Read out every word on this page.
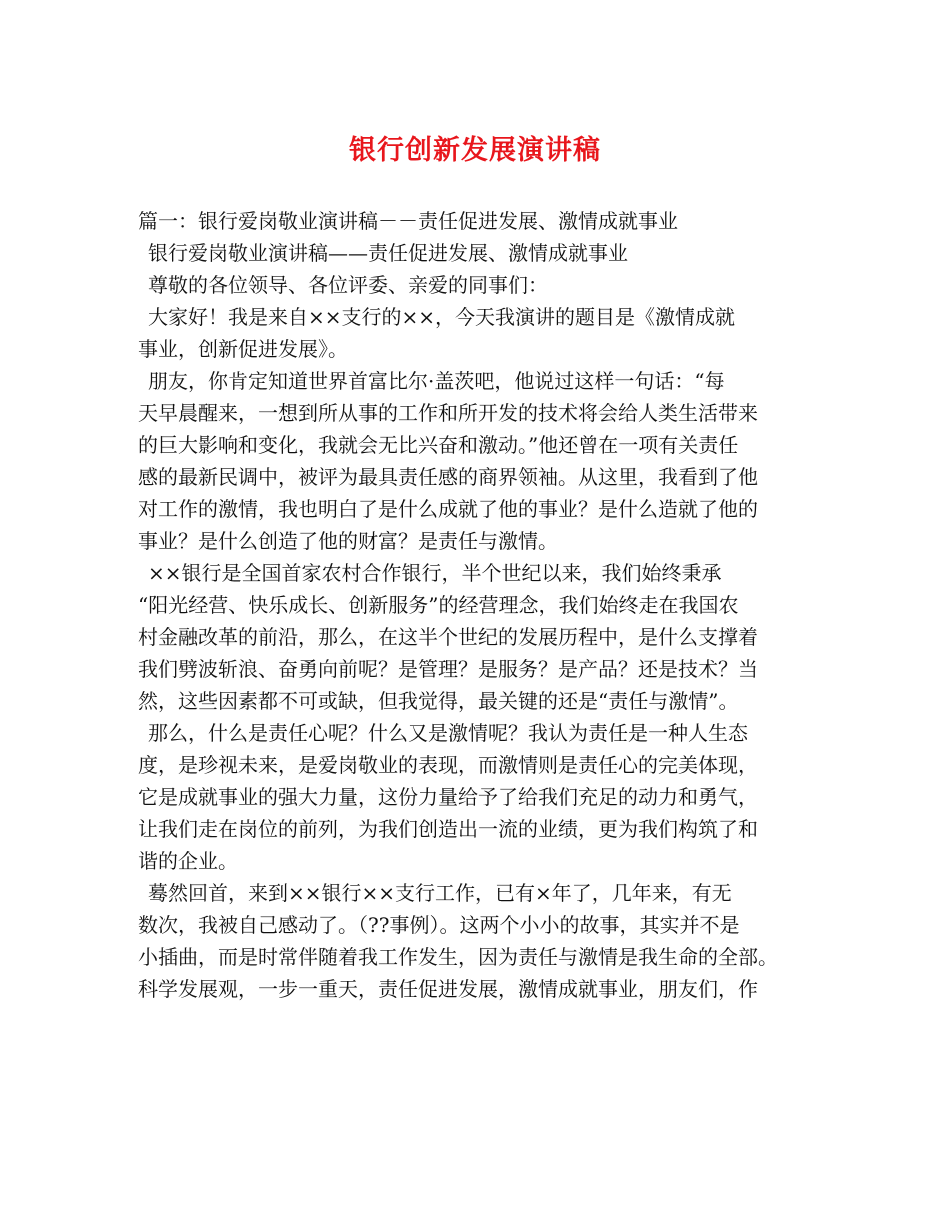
银行创新发展演讲稿
篇一：银行爱岗敬业演讲稿－－责任促进发展、激情成就事业
银行爱岗敬业演讲稿——责任促进发展、激情成就事业
尊敬的各位领导、各位评委、亲爱的同事们：
大家好！我是来自××支行的××，今天我演讲的题目是《激情成就
事业，创新促进发展》。
朋友，你肯定知道世界首富比尔·盖茨吧，他说过这样一句话：“每
天早晨醒来，一想到所从事的工作和所开发的技术将会给人类生活带来
的巨大影响和变化，我就会无比兴奋和激动。”他还曾在一项有关责任
感的最新民调中，被评为最具责任感的商界领袖。从这里，我看到了他
对工作的激情，我也明白了是什么成就了他的事业？是什么造就了他的
事业？是什么创造了他的财富？是责任与激情。
××银行是全国首家农村合作银行，半个世纪以来，我们始终秉承
“阳光经营、快乐成长、创新服务”的经营理念，我们始终走在我国农
村金融改革的前沿，那么，在这半个世纪的发展历程中，是什么支撑着
我们劈波斩浪、奋勇向前呢？是管理？是服务？是产品？还是技术？当
然，这些因素都不可或缺，但我觉得，最关键的还是“责任与激情”。
那么，什么是责任心呢？什么又是激情呢？我认为责任是一种人生态
度，是珍视未来，是爱岗敬业的表现，而激情则是责任心的完美体现，
它是成就事业的强大力量，这份力量给予了给我们充足的动力和勇气，
让我们走在岗位的前列，为我们创造出一流的业绩，更为我们构筑了和
谐的企业。
蓦然回首，来到××银行××支行工作，已有×年了，几年来，有无
数次，我被自己感动了。（??事例）。这两个小小的故事，其实并不是
小插曲，而是时常伴随着我工作发生，因为责任与激情是我生命的全部。
科学发展观，一步一重天，责任促进发展，激情成就事业，朋友们，作
